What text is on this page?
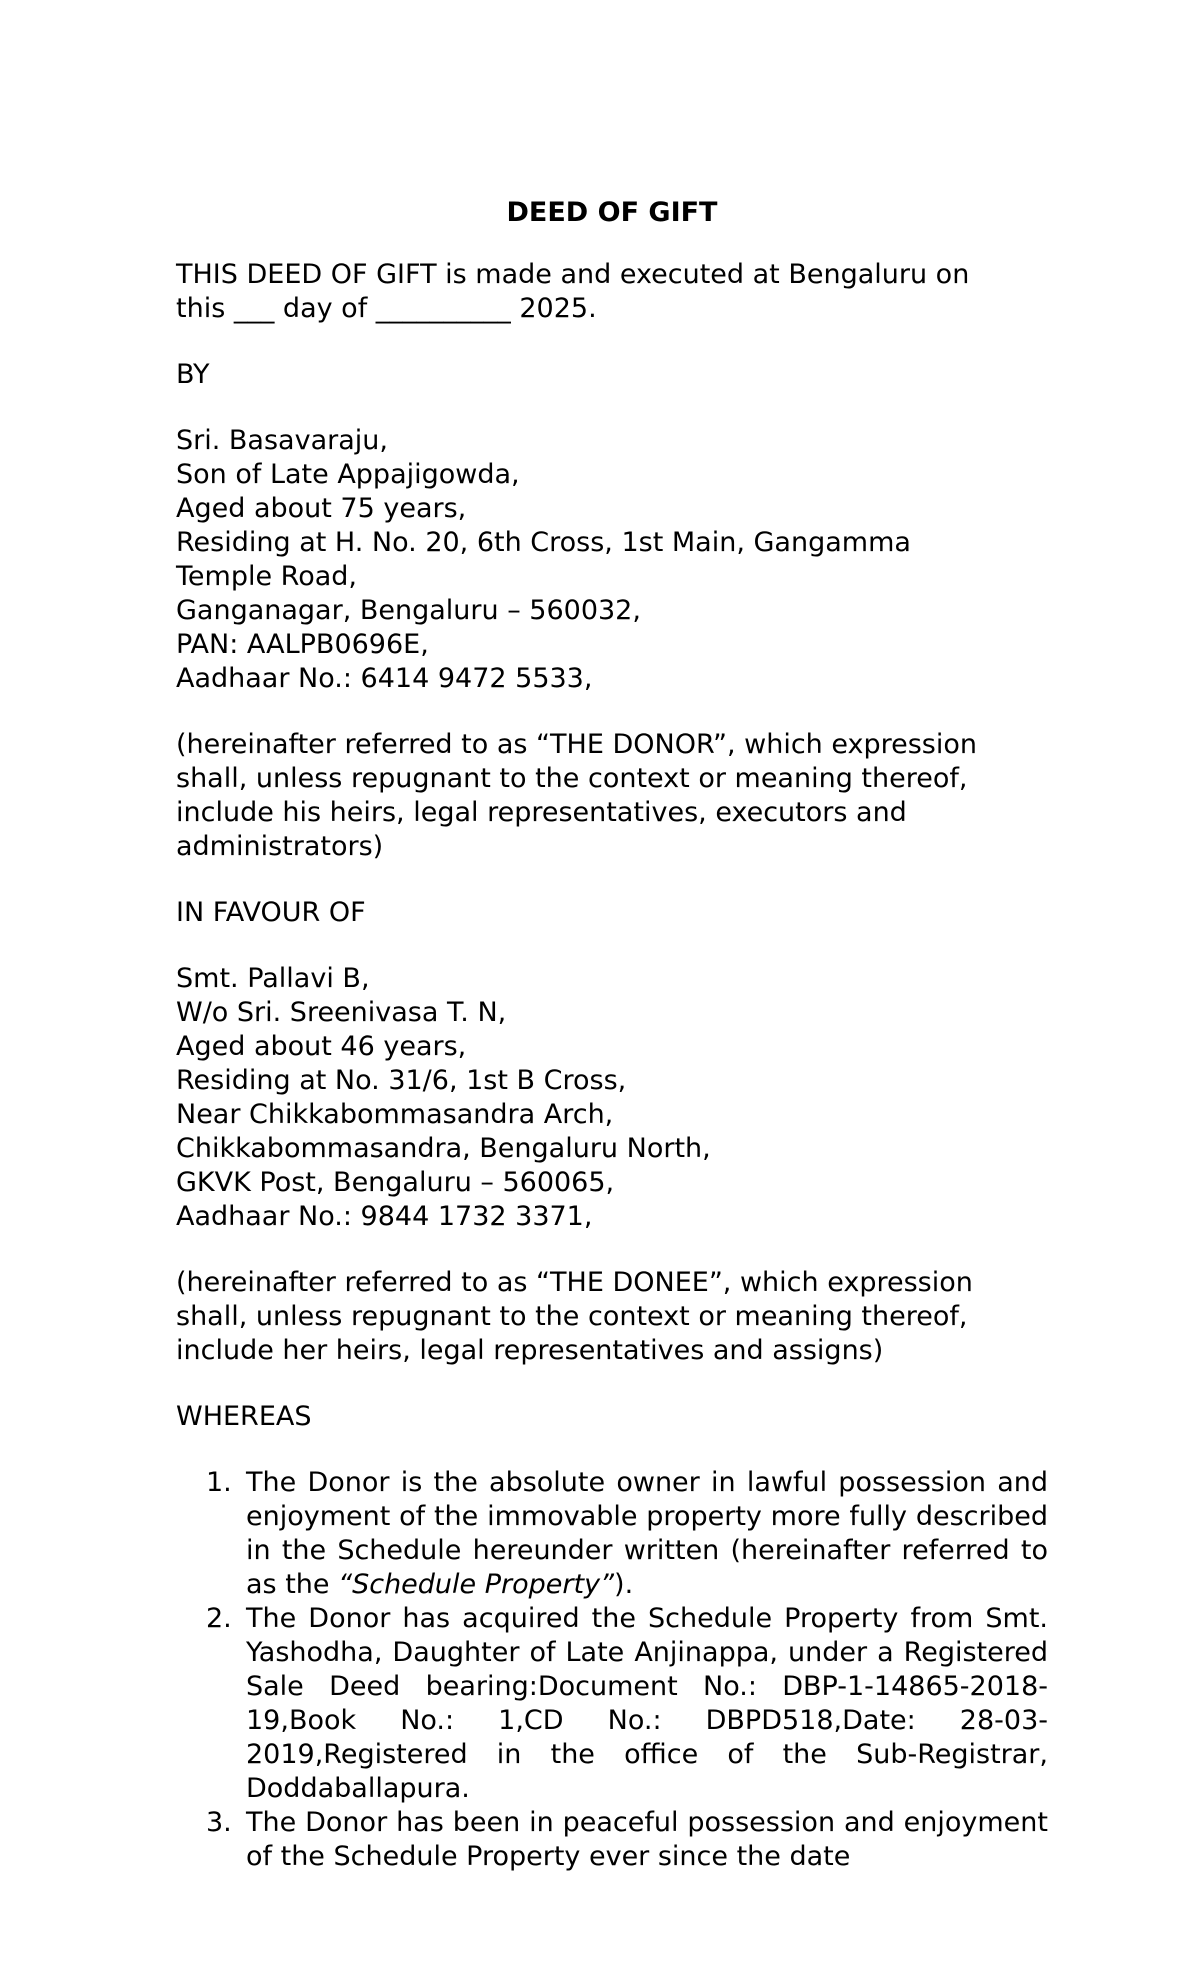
DEED OF GIFT
THIS DEED OF GIFT is made and executed at Bengaluru on
this ___ day of __________ 2025.
BY
Sri. Basavaraju,
Son of Late Appajigowda,
Aged about 75 years,
Residing at H. No. 20, 6th Cross, 1st Main, Gangamma
Temple Road,
Ganganagar, Bengaluru – 560032,
PAN: AALPB0696E,
Aadhaar No.: 6414 9472 5533,
(hereinafter referred to as “THE DONOR”, which expression
shall, unless repugnant to the context or meaning thereof,
include his heirs, legal representatives, executors and
administrators)
IN FAVOUR OF
Smt. Pallavi B,
W/o Sri. Sreenivasa T. N,
Aged about 46 years,
Residing at No. 31/6, 1st B Cross,
Near Chikkabommasandra Arch,
Chikkabommasandra, Bengaluru North,
GKVK Post, Bengaluru – 560065,
Aadhaar No.: 9844 1732 3371,
(hereinafter referred to as “THE DONEE”, which expression
shall, unless repugnant to the context or meaning thereof,
include her heirs, legal representatives and assigns)
WHEREAS
1. The Donor is the absolute owner in lawful possession and enjoyment of the immovable property more fully described in the Schedule hereunder written (hereinafter referred to as the “Schedule Property”).
2. The Donor has acquired the Schedule Property from Smt. Yashodha, Daughter of Late Anjinappa, under a Registered Sale Deed bearing:Document No.: DBP-1-14865-2018-19,Book No.: 1,CD No.: DBPD518,Date: 28-03-2019,Registered in the office of the Sub-Registrar, Doddaballapura.
3. The Donor has been in peaceful possession and enjoyment of the Schedule Property ever since the date
